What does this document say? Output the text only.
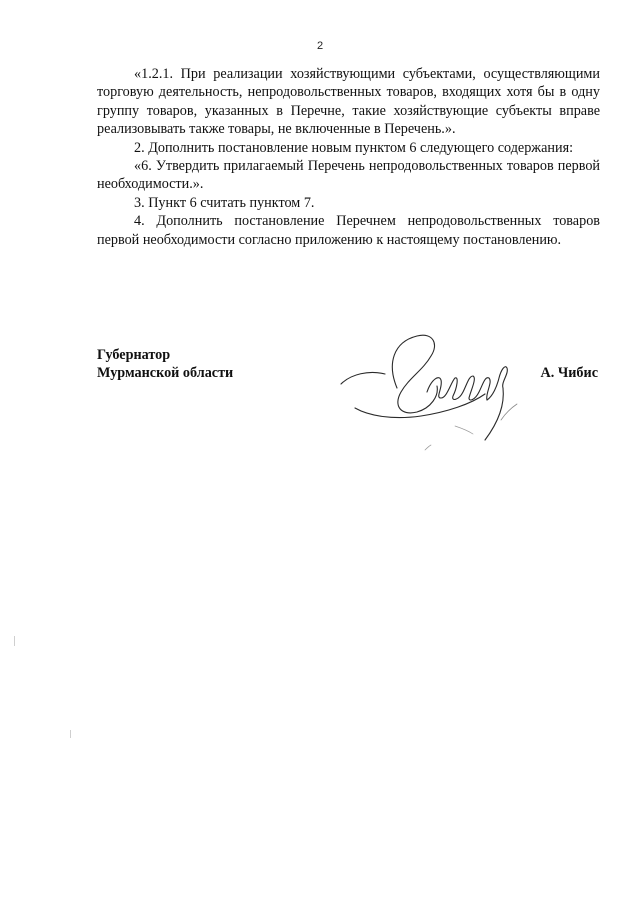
2

«1.2.1. При реализации хозяйствующими субъектами, осуществляющими торговую деятельность, непродовольственных товаров, входящих хотя бы в одну группу товаров, указанных в Перечне, такие хозяйствующие субъекты вправе реализовывать также товары, не включенные в Перечень.».

2. Дополнить постановление новым пунктом 6 следующего содержания:

«6. Утвердить прилагаемый Перечень непродовольственных товаров первой необходимости.».

3. Пункт 6 считать пунктом 7.

4. Дополнить постановление Перечнем непродовольственных товаров первой необходимости согласно приложению к настоящему постановлению.

Губернатор
Мурманской области	А. Чибис
